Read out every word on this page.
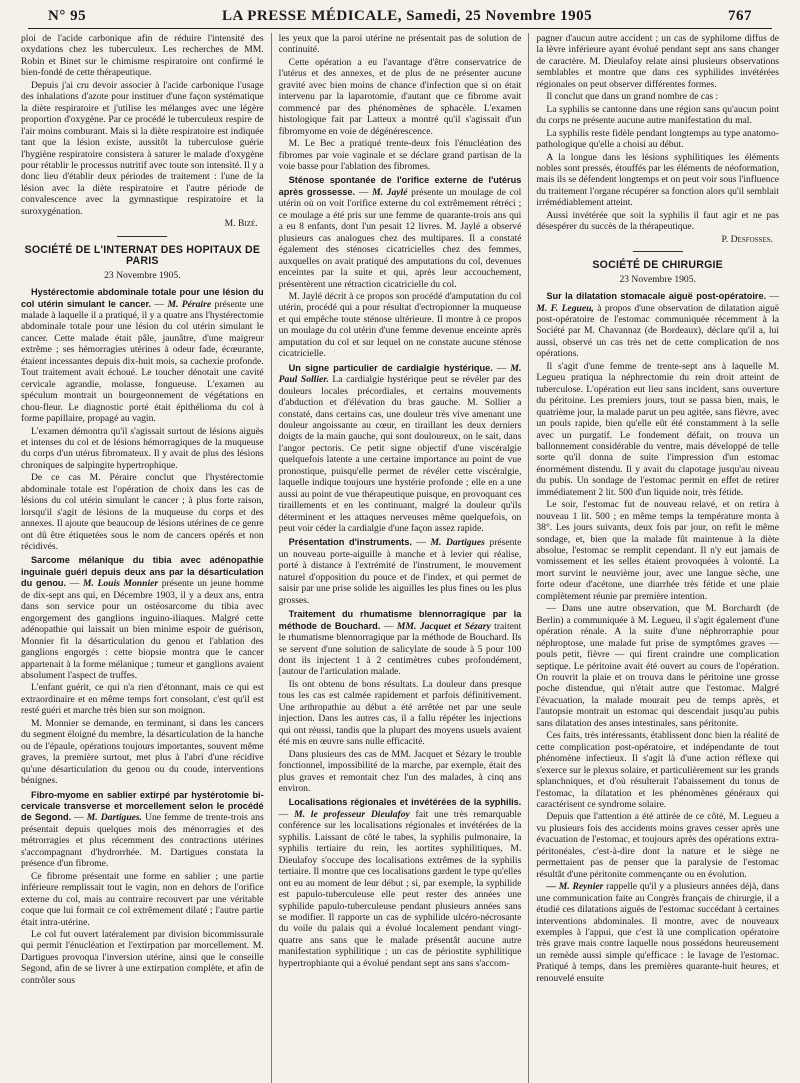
N° 95	LA PRESSE MÉDICALE, Samedi, 25 Novembre 1905	767

ploi de l'acide carbonique afin de réduire l'intensité des oxydations chez les tuberculeux. Les recherches de MM. Robin et Binet sur le chimisme respiratoire ont confirmé le bien-fondé de cette thérapeutique.

Depuis j'ai cru devoir associer à l'acide carbonique l'usage des inhalations d'azote pour instituer d'une façon systématique la diète respiratoire et j'utilise les mélanges avec une légère proportion d'oxygène. Par ce procédé le tuberculeux respire de l'air moins comburant. Mais si la diète respiratoire est indiquée tant que la lésion existe, aussitôt la tuberculose guérie l'hygiène respiratoire consistera à saturer le malade d'oxygène pour rétablir le processus nutritif avec toute son intensité. Il y a donc lieu d'établir deux périodes de traitement : l'une de la lésion avec la diète respiratoire et l'autre période de convalescence avec la gymnastique respiratoire et la suroxygénation.

M. Bizé.
SOCIÉTÉ DE L'INTERNAT DES HOPITAUX DE PARIS
23 Novembre 1905.

Hystérectomie abdominale totale pour une lésion du col utérin simulant le cancer. — M. Péraire présente une malade à laquelle il a pratiqué, il y a quatre ans l'hystérectomie abdominale totale pour une lésion du col utérin simulant le cancer. Cette malade était pâle, jaunâtre, d'une maigreur extrême ; ses hémorragies utérines à odeur fade, écœurante, étaient incessantes depuis dix-huit mois, sa cachexie profonde. Tout traitement avait échoué. Le toucher dénotait une cavité cervicale agrandie, molasse, fongueuse. L'examen au spéculum montrait un bourgeonnement de végétations en chou-fleur. Le diagnostic porté était épithélioma du col à forme papillaire, propagé au vagin.

L'examen démontra qu'il s'agissait surtout de lésions aiguës et intenses du col et de lésions hémorragiques de la muqueuse du corps d'un utérus fibromateux. Il y avait de plus des lésions chroniques de salpingite hypertrophique.

De ce cas M. Péraire conclut que l'hystérectomie abdominale totale est l'opération de choix dans les cas de lésions du col utérin simulant le cancer ; à plus forte raison, lorsqu'il s'agit de lésions de la muqueuse du corps et des annexes. Il ajoute que beaucoup de lésions utérines de ce genre ont dû être étiquetées sous le nom de cancers opérés et non récidivés.

Sarcome mélanique du tibia avec adénopathie inguinale guéri depuis deux ans par la désarticulation du genou. — M. Louis Monnier présente un jeune homme de dix-sept ans qui, en Décembre 1903, il y a deux ans, entra dans son service pour un ostéosarcome du tibia avec engorgement des ganglions inguino-iliaques. Malgré cette adénopathie qui laissait un bien minime espoir de guérison, Monnier fit la désarticulation du genou et l'ablation des ganglions engorgés : cette biopsie montra que le cancer appartenait à la forme mélanique ; tumeur et ganglions avaient absolument l'aspect de truffes.

L'enfant guérit, ce qui n'a rien d'étonnant, mais ce qui est extraordinaire et en même temps fort consolant, c'est qu'il est resté guéri et marche très bien sur son moignon.

M. Monnier se demande, en terminant, si dans les cancers du segment éloigné du membre, la désarticulation de la hanche ou de l'épaule, opérations toujours importantes, souvent même graves, la première surtout, met plus à l'abri d'une récidive qu'une désarticulation du genou ou du coude, interventions bénignes.

Fibro-myome en sablier extirpé par hystérotomie bi-cervicale transverse et morcellement selon le procédé de Segond. — M. Dartigues. Une femme de trente-trois ans présentait depuis quelques mois des ménorragies et des métrorragies et plus récemment des contractions utérines s'accompagnant d'hydrorrhée. M. Dartigues constata la présence d'un fibrome.

Ce fibrome présentait une forme en sablier ; une partie inférieure remplissait tout le vagin, non en dehors de l'orifice externe du col, mais au contraire recouvert par une véritable coque que lui formait ce col extrêmement dilaté ; l'autre partie était intra-utérine.

Le col fut ouvert latéralement par division bicommissurale qui permit l'énucléation et l'extirpation par morcellement. M. Dartigues provoqua l'inversion utérine, ainsi que le conseille Segond, afin de se livrer à une extirpation complète, et afin de contrôler sous

les yeux que la paroi utérine ne présentait pas de solution de continuité.

Cette opération a eu l'avantage d'être conservatrice de l'utérus et des annexes, et de plus de ne présenter aucune gravité avec bien moins de chance d'infection que si on était intervenu par la laparotomie, d'autant que ce fibrome avait commencé par des phénomènes de sphacèle. L'examen histologique fait par Latteux a montré qu'il s'agissait d'un fibromyome en voie de dégénérescence.

M. Le Bec a pratiqué trente-deux fois l'énucléation des fibromes par voie vaginale et se déclare grand partisan de la voie basse pour l'ablation des fibromes.

Sténose spontanée de l'orifice externe de l'utérus après grossesse. — M. Jaylé présente un moulage de col utérin où on voit l'orifice externe du col extrêmement rétréci ; ce moulage a été pris sur une femme de quarante-trois ans qui a eu 8 enfants, dont l'un pesait 12 livres. M. Jaylé a observé plusieurs cas analogues chez des multipares. Il a constaté également des sténoses cicatricielles chez des femmes, auxquelles on avait pratiqué des amputations du col, devenues enceintes par la suite et qui, après leur accouchement, présentèrent une rétraction cicatricielle du col.

M. Jaylé décrit à ce propos son procédé d'amputation du col utérin, procédé qui a pour résultat d'ectropionner la muqueuse et qui empêche toute sténose ultérieure. Il montre à ce propos un moulage du col utérin d'une femme devenue enceinte après amputation du col et sur lequel on ne constate aucune sténose cicatricielle.

Un signe particulier de cardialgie hystérique. — M. Paul Sollier. La cardialgie hystérique peut se révéler par des douleurs locales précordiales, et certains mouvements d'abduction et d'élévation du bras gauche. M. Sollier a constaté, dans certains cas, une douleur très vive amenant une douleur angoissante au cœur, en tiraillant les deux derniers doigts de la main gauche, qui sont douloureux, on le sait, dans l'angor pectoris. Ce petit signe objectif d'une viscéralgie quelquefois latente a une certaine importance au point de vue pronostique, puisqu'elle permet de révéler cette viscéralgie, laquelle indique toujours une hystérie profonde ; elle en a une aussi au point de vue thérapeutique puisque, en provoquant ces tiraillements et en les continuant, malgré la douleur qu'ils déterminent et les attaques nerveuses même quelquefois, on peut voir céder la cardialgie d'une façon assez rapide.

Présentation d'instruments. — M. Dartigues présente un nouveau porte-aiguille à manche et à levier qui réalise, porté à distance à l'extrémité de l'instrument, le mouvement naturel d'opposition du pouce et de l'index, et qui permet de saisir par une prise solide les aiguilles les plus fines ou les plus grosses.

Traitement du rhumatisme blennorragique par la méthode de Bouchard. — MM. Jacquet et Sézary traitent le rhumatisme blennorragique par la méthode de Bouchard. Ils se servent d'une solution de salicylate de soude à 5 pour 100 dont ils injectent 1 à 2 centimètres cubes profondément, [autour de l'articulation malade.

Ils ont obtenu de bons résultats. La douleur dans presque tous les cas est calmée rapidement et parfois définitivement. Une arthropathie au début a été arrêtée net par une seule injection. Dans les autres cas, il a fallu répéter les injections qui ont réussi, tandis que la plupart des moyens usuels avaient été mis en œuvre sans nulle efficacité.

Dans plusieurs des cas de MM. Jacquet et Sézary le trouble fonctionnel, impossibilité de la marche, par exemple, était des plus graves et remontait chez l'un des malades, à cinq ans environ.

Localisations régionales et invétérées de la syphilis. — M. le professeur Dieulafoy fait une très remarquable conférence sur les localisations régionales et invétérées de la syphilis. Laissant de côté le tabes, la syphilis pulmonaire, la syphilis tertiaire du rein, les aortites syphilitiques, M. Dieulafoy s'occupe des localisations extrêmes de la syphilis tertiaire. Il montre que ces localisations gardent le type qu'elles ont eu au moment de leur début ; si, par exemple, la syphilide est papulo-tuberculeuse elle peut rester des années une syphilide papulo-tuberculeuse pendant plusieurs années sans se modifier. Il rapporte un cas de syphilide ulcéro-nécrosante du voile du palais qui a évolué localement pendant vingt-quatre ans sans que le malade présentât aucune autre manifestation syphilitique ; un cas de périostite syphilitique hypertrophiante qui a évolué pendant sept ans sans s'accom-

pagner d'aucun autre accident ; un cas de syphilome diffus de la lèvre inférieure ayant évolué pendant sept ans sans changer de caractère. M. Dieulafoy relate ainsi plusieurs observations semblables et montre que dans ces syphilides invétérées régionales on peut observer différentes formes.

Il conclut que dans un grand nombre de cas :

La syphilis se cantonne dans une région sans qu'aucun point du corps ne présente aucune autre manifestation du mal.

La syphilis reste fidèle pendant longtemps au type anatomo-pathologique qu'elle a choisi au début.

A la longue dans les lésions syphilitiques les éléments nobles sont pressés, étouffés par les éléments de néoformation, mais ils se défendent longtemps et on peut voir sous l'influence du traitement l'organe récupérer sa fonction alors qu'il semblait irrémédiablement atteint.

Aussi invétérée que soit la syphilis il faut agir et ne pas désespérer du succès de la thérapeutique.

P. Desfosses.
SOCIÉTÉ DE CHIRURGIE
23 Novembre 1905.

Sur la dilatation stomacale aiguë post-opératoire. — M. F. Legueu, à propos d'une observation de dilatation aiguë post-opératoire de l'estomac communiquée récemment à la Société par M. Chavannaz (de Bordeaux), déclare qu'il a, lui aussi, observé un cas très net de cette complication de nos opérations.

Il s'agit d'une femme de trente-sept ans à laquelle M. Legueu pratiqua la néphrectomie du rein droit atteint de tuberculose. L'opération eut lieu sans incident, sans ouverture du péritoine. Les premiers jours, tout se passa bien, mais, le quatrième jour, la malade parut un peu agitée, sans fièvre, avec un pouls rapide, bien qu'elle eût été constamment à la selle avec un purgatif. Le fondement défait, on trouva un ballonnement considérable du ventre, mais développé de telle sorte qu'il donna de suite l'impression d'un estomac énormément distendu. Il y avait du clapotage jusqu'au niveau du pubis. Un sondage de l'estomac permit en effet de retirer immédiatement 2 lit. 500 d'un liquide noir, très fétide.

Le soir, l'estomac fut de nouveau relavé, et on retira à nouveau 1 lit. 500 ; en même temps la température monta à 38°. Les jours suivants, deux fois par jour, on refit le même sondage, et, bien que la malade fût maintenue à la diète absolue, l'estomac se remplit cependant. Il n'y eut jamais de vomissement et les selles étaient provoquées à volonté. La mort survint le neuvième jour, avec une langue sèche, une forte odeur d'acétone, une diarrhée très fétide et une plaie complètement réunie par première intention.

— Dans une autre observation, que M. Borchardt (de Berlin) a communiquée à M. Legueu, il s'agit également d'une opération rénale. A la suite d'une néphrorraphie pour néphroptose, une malade fut prise de symptômes graves — pouls petit, fièvre — qui firent craindre une complication septique. Le péritoine avait été ouvert au cours de l'opération. On rouvrit la plaie et on trouva dans le péritoine une grosse poche distendue, qui n'était autre que l'estomac. Malgré l'évacuation, la malade mourait peu de temps après, et l'autopsie montrait un estomac qui descendait jusqu'au pubis sans dilatation des anses intestinales, sans péritonite.

Ces faits, très intéressants, établissent donc bien la réalité de cette complication post-opératoire, et indépendante de tout phénomène infectieux. Il s'agit là d'une action réflexe qui s'exerce sur le plexus solaire, et particulièrement sur les grands splanchniques, et d'où résulterait l'abaissement du tonus de l'estomac, la dilatation et les phénomènes généraux qui caractérisent ce syndrome solaire.

Depuis que l'attention a été attirée de ce côté, M. Legueu a vu plusieurs fois des accidents moins graves cesser après une évacuation de l'estomac, et toujours après des opérations extra-péritonéales, c'est-à-dire dont la nature et le siège ne permettaient pas de penser que la paralysie de l'estomac résultât d'une péritonite commençante ou en évolution.

— M. Reynier rappelle qu'il y a plusieurs années déjà, dans une communication faite au Congrès français de chirurgie, il a étudié ces dilatations aiguës de l'estomac succédant à certaines interventions abdominales. Il montre, avec de nouveaux exemples à l'appui, que c'est là une complication opératoire très grave mais contre laquelle nous possédons heureusement un remède aussi simple qu'efficace : le lavage de l'estomac. Pratiqué à temps, dans les premières quarante-huit heures, et renouvelé ensuite
